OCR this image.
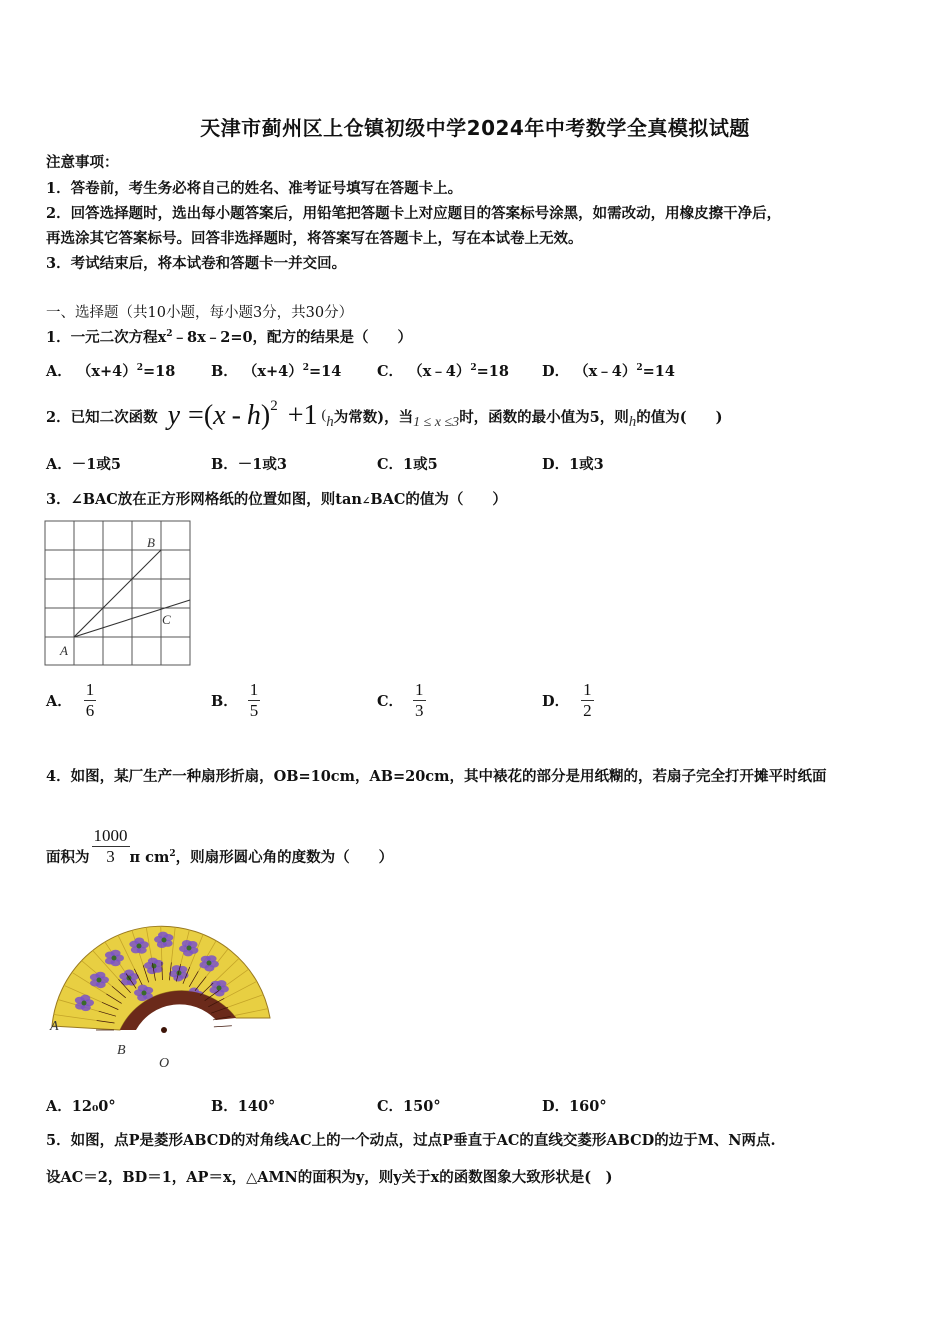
天津市蓟州区上仓镇初级中学2024年中考数学全真模拟试题
注意事项：
1．答卷前，考生务必将自己的姓名、准考证号填写在答题卡上。
2．回答选择题时，选出每小题答案后，用铅笔把答题卡上对应题目的答案标号涂黑，如需改动，用橡皮擦干净后，
再选涂其它答案标号。回答非选择题时，将答案写在答题卡上，写在本试卷上无效。
3．考试结束后，将本试卷和答题卡一并交回。
一、选择题（共10小题，每小题3分，共30分）
1．一元二次方程$x^2﹣8x﹣2=0$，配方的结果是（　　）
A． $(x+4)^2=18$ B． $(x+4)^2=14$ C． （x﹣4）$^2$=18 D． （x﹣4）$^2$=14
2．已知二次函数 y =( x - h ) 2 +1 ( h 为常数)，当 1 ≤ x ≤3 时，函数的最小值为5，则 h 的值为(　　)
A．－1或5	B．－1或3	C．1或5	D．1或3
3．∠BAC放在正方形网格纸的位置如图，则tan∠BAC的值为（　　）
B
C
A
A． $\frac{1}{6}$	B． $\frac{1}{5}$	C． $\frac{1}{3}$	D． $\frac{1}{2}$
4．如图，某厂生产一种扇形折扇，OB=10cm，AB=20cm，其中裱花的部分是用纸糊的，若扇子完全打开摊平时纸面
面积为 $\frac{1000}{3}$ π $cm^2$，则扇形圆心角的度数为（　　）
A
B
O
A．12₀0°	B．140°	C．150°	D．160°
5．如图，点P是菱形ABCD的对角线AC上的一个动点，过点P垂直于AC的直线交菱形ABCD的边于M、N两点.
设AC＝2，BD＝1，AP＝x，△AMN的面积为y，则y关于x的函数图象大致形状是(　)
